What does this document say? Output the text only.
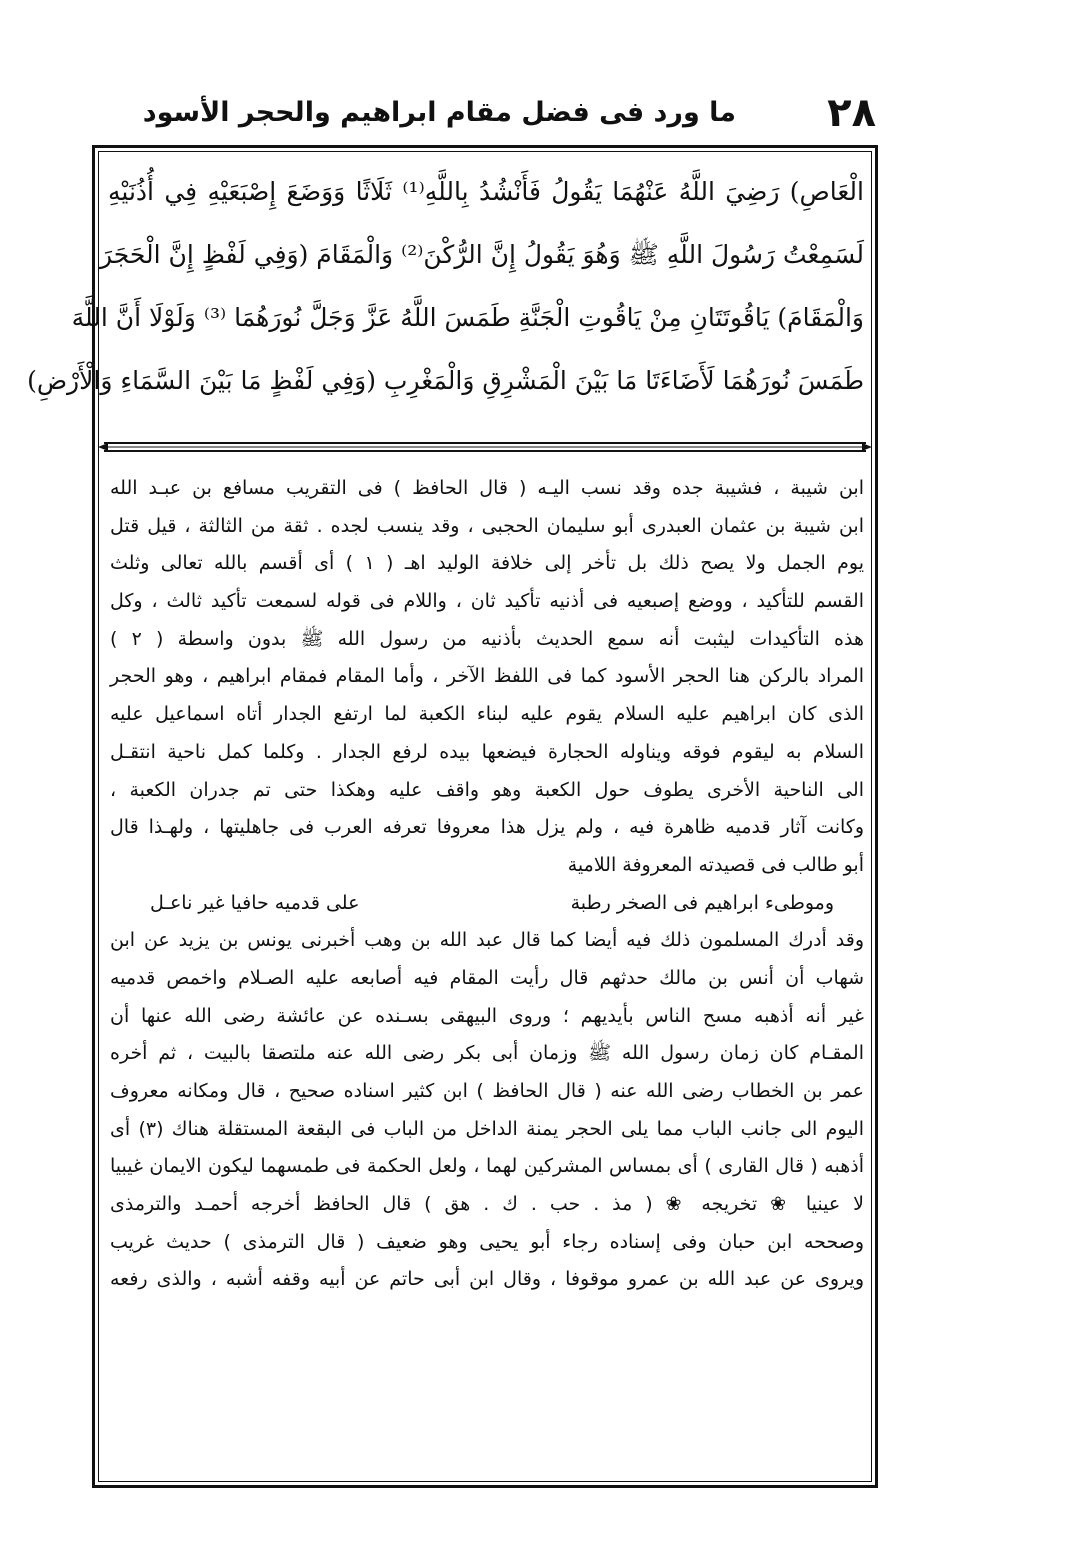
٢٨
ما ورد فى فضل مقام ابراهيم والحجر الأسود
الْعَاصِ) رَضِيَ اللَّهُ عَنْهُمَا يَقُولُ فَأَنْشُدُ بِاللَّهِ⁽¹⁾ ثَلَاثًا وَوَضَعَ إِصْبَعَيْهِ فِي أُذُنَيْهِ
لَسَمِعْتُ رَسُولَ اللَّهِ ﷺ وَهُوَ يَقُولُ إِنَّ الرُّكْنَ⁽²⁾ وَالْمَقَامَ (وَفِي لَفْظٍ إِنَّ الْحَجَرَ
وَالْمَقَامَ) يَاقُوتَتَانِ مِنْ يَاقُوتِ الْجَنَّةِ طَمَسَ اللَّهُ عَزَّ وَجَلَّ نُورَهُمَا ⁽³⁾ وَلَوْلَا أَنَّ اللَّهَ
طَمَسَ نُورَهُمَا لَأَضَاءَتَا مَا بَيْنَ الْمَشْرِقِ وَالْمَغْرِبِ (وَفِي لَفْظٍ مَا بَيْنَ السَّمَاءِ وَالْأَرْضِ)
ابن شيبة ، فشيبة جده وقد نسب اليـه ( قال الحافظ ) فى التقريب مسافع بن عبـد الله
ابن شيبة بن عثمان العبدرى أبو سليمان الحجبى ، وقد ينسب لجده . ثقة من الثالثة ، قيل قتل
يوم الجمل ولا يصح ذلك بل تأخر إلى خلافة الوليد اهـ ( ١ ) أى أقسم بالله تعالى وثلث
القسم للتأكيد ، ووضع إصبعيه فى أذنيه تأكيد ثان ، واللام فى قوله لسمعت تأكيد ثالث ، وكل
هذه التأكيدات ليثبت أنه سمع الحديث بأذنيه من رسول الله ﷺ بدون واسطة ( ٢ )
المراد بالركن هنا الحجر الأسود كما فى اللفظ الآخر ، وأما المقام فمقام ابراهيم ، وهو الحجر
الذى كان ابراهيم عليه السلام يقوم عليه لبناء الكعبة لما ارتفع الجدار أتاه اسماعيل عليه
السلام به ليقوم فوقه ويناوله الحجارة فيضعها بيده لرفع الجدار . وكلما كمل ناحية انتقـل
الى الناحية الأخرى يطوف حول الكعبة وهو واقف عليه وهكذا حتى تم جدران الكعبة ،
وكانت آثار قدميه ظاهرة فيه ، ولم يزل هذا معروفا تعرفه العرب فى جاهليتها ، ولهـذا قال
أبو طالب فى قصيدته المعروفة اللامية
وموطىء ابراهيم فى الصخر رطبة
على قدميه حافيا غير ناعـل
وقد أدرك المسلمون ذلك فيه أيضا كما قال عبد الله بن وهب أخبرنى يونس بن يزيد عن ابن
شهاب أن أنس بن مالك حدثهم قال رأيت المقام فيه أصابعه عليه الصـلام واخمص قدميه
غير أنه أذهبه مسح الناس بأيديهم ؛ وروى البيهقى بسـنده عن عائشة رضى الله عنها أن
المقـام كان زمان رسول الله ﷺ وزمان أبى بكر رضى الله عنه ملتصقا بالبيت ، ثم أخره
عمر بن الخطاب رضى الله عنه ( قال الحافظ ) ابن كثير اسناده صحيح ، قال ومكانه معروف
اليوم الى جانب الباب مما يلى الحجر يمنة الداخل من الباب فى البقعة المستقلة هناك (٣) أى
أذهبه ( قال القارى ) أى بمساس المشركين لهما ، ولعل الحكمة فى طمسهما ليكون الايمان غيبيا
لا عينيا ❀ تخريجه ❀ ( مذ . حب . ك . هق ) قال الحافظ أخرجه أحمـد والترمذى
وصححه ابن حبان وفى إسناده رجاء أبو يحيى وهو ضعيف ( قال الترمذى ) حديث غريب
ويروى عن عبد الله بن عمرو موقوفا ، وقال ابن أبى حاتم عن أبيه وقفه أشبه ، والذى رفعه
